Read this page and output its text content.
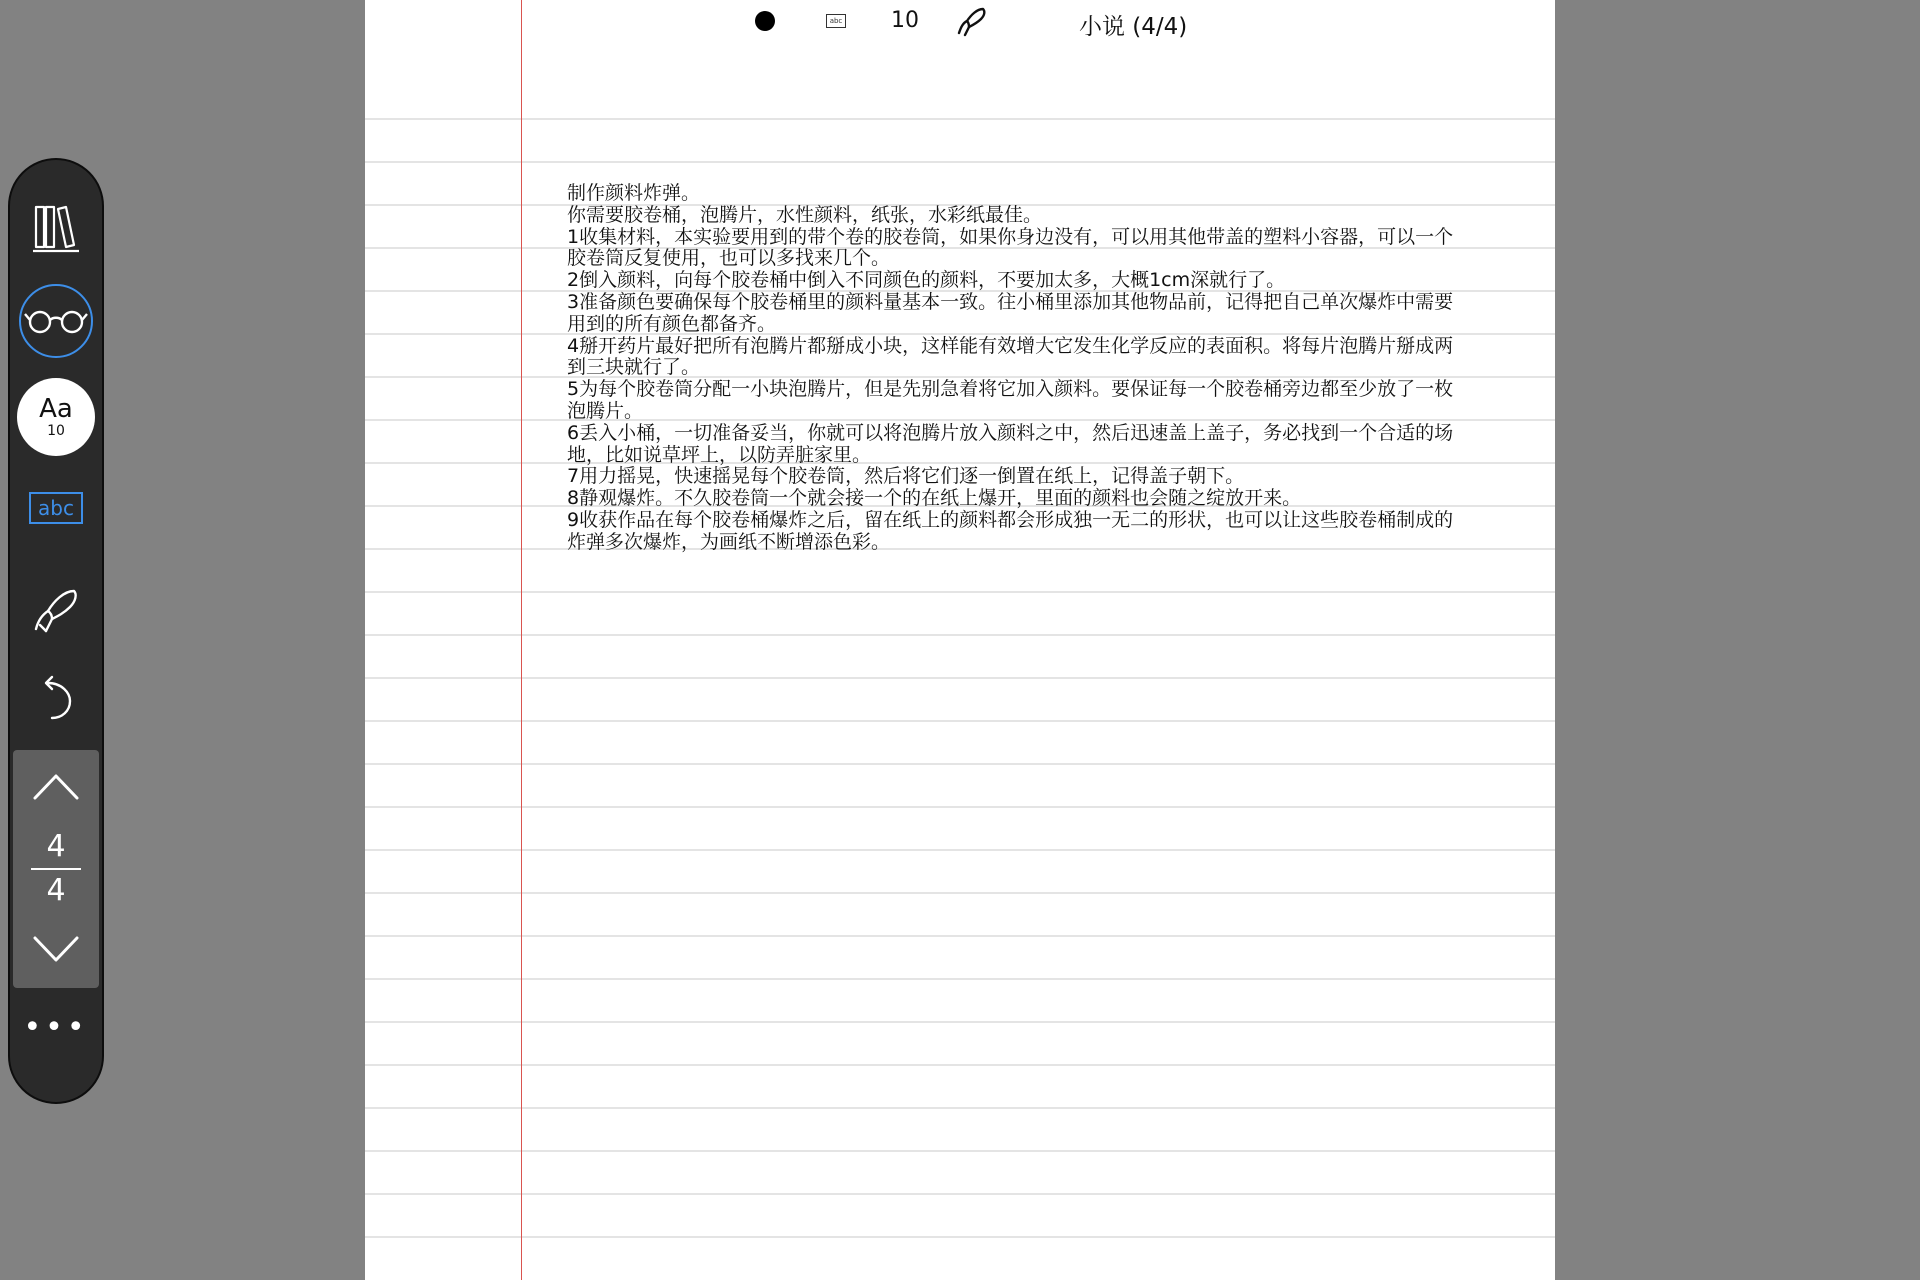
abc 10	小说 (4/4)
制作颜料炸弹。
你需要胶卷桶，泡腾片，水性颜料，纸张，水彩纸最佳。
1收集材料，本实验要用到的带个卷的胶卷筒，如果你身边没有，可以用其他带盖的塑料小容器，可以一个
胶卷筒反复使用，也可以多找来几个。
2倒入颜料，向每个胶卷桶中倒入不同颜色的颜料，不要加太多，大概1cm深就行了。
3准备颜色要确保每个胶卷桶里的颜料量基本一致。往小桶里添加其他物品前，记得把自己单次爆炸中需要
用到的所有颜色都备齐。
4掰开药片最好把所有泡腾片都掰成小块，这样能有效增大它发生化学反应的表面积。将每片泡腾片掰成两
到三块就行了。
5为每个胶卷筒分配一小块泡腾片，但是先别急着将它加入颜料。要保证每一个胶卷桶旁边都至少放了一枚
泡腾片。
6丢入小桶，一切准备妥当，你就可以将泡腾片放入颜料之中，然后迅速盖上盖子，务必找到一个合适的场
地，比如说草坪上，以防弄脏家里。
7用力摇晃，快速摇晃每个胶卷筒，然后将它们逐一倒置在纸上，记得盖子朝下。
8静观爆炸。不久胶卷筒一个就会接一个的在纸上爆开，里面的颜料也会随之绽放开来。
9收获作品在每个胶卷桶爆炸之后，留在纸上的颜料都会形成独一无二的形状，也可以让这些胶卷桶制成的
炸弹多次爆炸，为画纸不断增添色彩。
Aa
10
abc
4
4
•••
